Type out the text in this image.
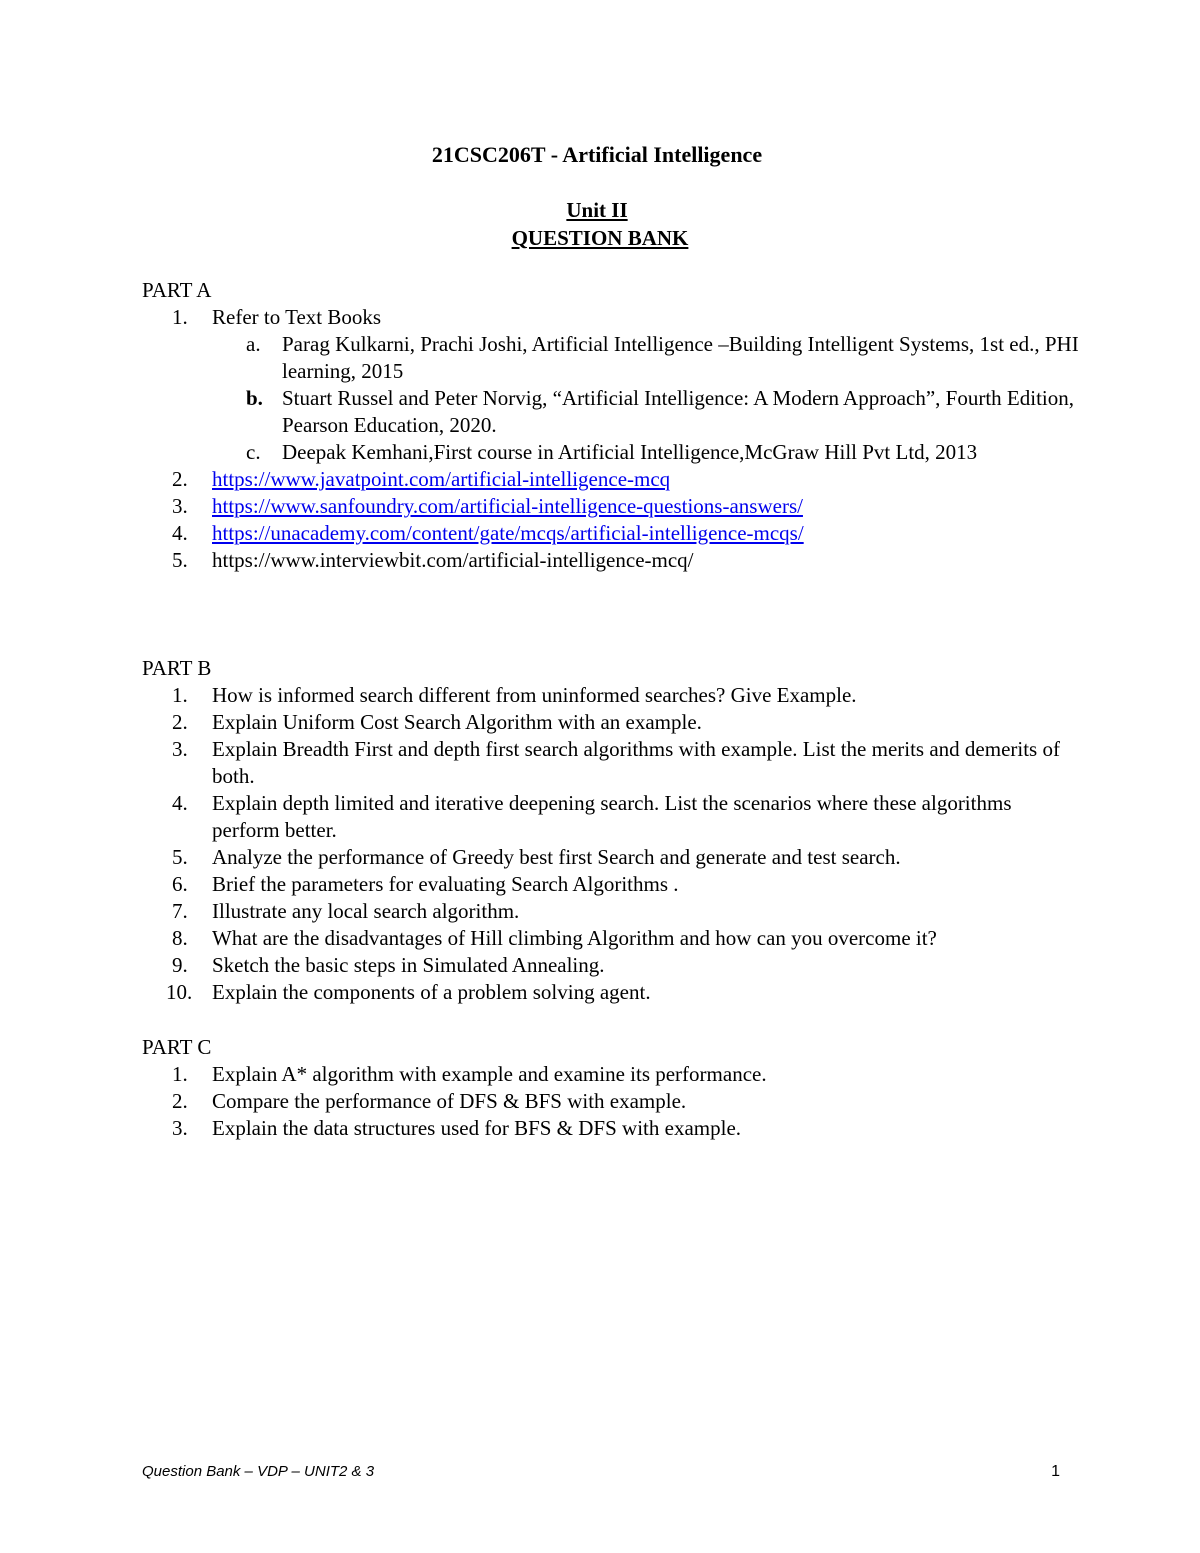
21CSC206T - Artificial Intelligence
Unit II
QUESTION BANK
PART A
1. Refer to Text Books
a. Parag Kulkarni, Prachi Joshi, Artificial Intelligence –Building Intelligent Systems, 1st ed., PHI learning, 2015
b. Stuart Russel and Peter Norvig, “Artificial Intelligence: A Modern Approach”, Fourth Edition, Pearson Education, 2020.
c. Deepak Kemhani,First course in Artificial Intelligence,McGraw Hill Pvt Ltd, 2013
2. https://www.javatpoint.com/artificial-intelligence-mcq
3. https://www.sanfoundry.com/artificial-intelligence-questions-answers/
4. https://unacademy.com/content/gate/mcqs/artificial-intelligence-mcqs/
5. https://www.interviewbit.com/artificial-intelligence-mcq/
PART B
1. How is informed search different from uninformed searches? Give Example.
2. Explain Uniform Cost Search Algorithm with an example.
3. Explain Breadth First and depth first search algorithms with example. List the merits and demerits of both.
4. Explain depth limited and iterative deepening search. List the scenarios where these algorithms perform better.
5. Analyze the performance of Greedy best first Search and generate and test search.
6. Brief the parameters for evaluating Search Algorithms .
7. Illustrate any local search algorithm.
8. What are the disadvantages of Hill climbing Algorithm and how can you overcome it?
9. Sketch the basic steps in Simulated Annealing.
10. Explain the components of a problem solving agent.
PART C
1. Explain A* algorithm with example and examine its performance.
2. Compare the performance of DFS & BFS with example.
3. Explain the data structures used for BFS & DFS with example.
Question Bank – VDP – UNIT2 & 3	1
